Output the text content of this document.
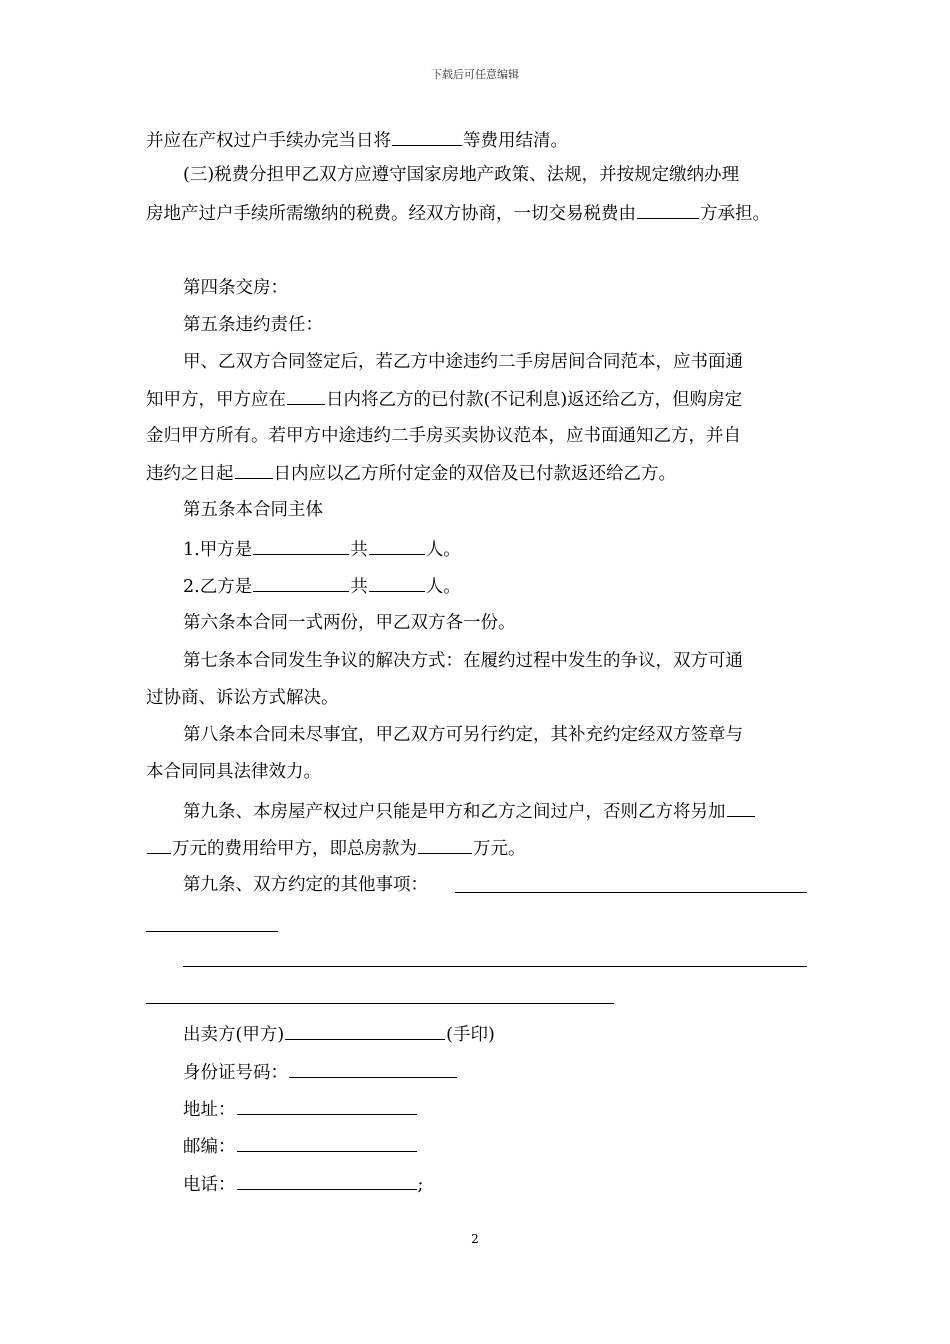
下载后可任意编辑
并应在产权过户手续办完当日将	等费用结清。
(三)税费分担甲乙双方应遵守国家房地产政策、法规，并按规定缴纳办理
房地产过户手续所需缴纳的税费。经双方协商，一切交易税费由	方承担。
第四条交房：
第五条违约责任：
甲、乙双方合同签定后，若乙方中途违约二手房居间合同范本，应书面通
知甲方，甲方应在 日内将乙方的已付款(不记利息)返还给乙方，但购房定
金归甲方所有。若甲方中途违约二手房买卖协议范本，应书面通知乙方，并自
违约之日起 日内应以乙方所付定金的双倍及已付款返还给乙方。
第五条本合同主体
1.甲方是	共	人。
2.乙方是	共	人。
第六条本合同一式两份，甲乙双方各一份。
第七条本合同发生争议的解决方式：在履约过程中发生的争议，双方可通
过协商、诉讼方式解决。
第八条本合同未尽事宜，甲乙双方可另行约定，其补充约定经双方签章与
本合同同具法律效力。
第九条、本房屋产权过户只能是甲方和乙方之间过户，否则乙方将另加
万元的费用给甲方，即总房款为	万元。
第九条、双方约定的其他事项：
出卖方(甲方)	(手印)
身份证号码：
地址：
邮编：
电话：	;
2
